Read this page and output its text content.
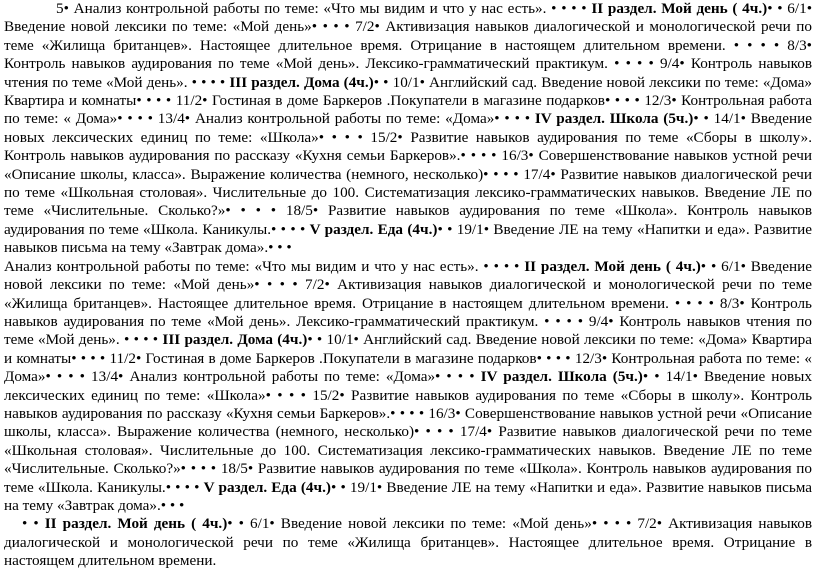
5• Анализ контрольной работы по теме: «Что мы видим и что у нас есть». • • • • II раздел. Мой день ( 4ч.)• • 6/1• Введение новой лексики по теме: «Мой день»• • • • 7/2• Активизация навыков диалогической и монологической речи по теме «Жилища британцев». Настоящее длительное время. Отрицание в настоящем длительном времени. • • • • 8/3• Контроль навыков аудирования по теме «Мой день». Лексико-грамматический практикум. • • • • 9/4• Контроль навыков чтения по теме «Мой день». • • • • III раздел. Дома (4ч.)• • 10/1• Английский сад. Введение новой лексики по теме: «Дома» Квартира и комнаты• • • • 11/2• Гостиная в доме Баркеров .Покупатели в магазине подарков• • • • 12/3• Контрольная работа по теме: « Дома»• • • • 13/4• Анализ контрольной работы по теме: «Дома»• • • • IV раздел. Школа (5ч.)• • 14/1• Введение новых лексических единиц по теме: «Школа»• • • • 15/2• Развитие навыков аудирования по теме «Сборы в школу». Контроль навыков аудирования по рассказу «Кухня семьи Баркеров».• • • • 16/3• Совершенствование навыков устной речи «Описание школы, класса». Выражение количества (немного, несколько)• • • • 17/4• Развитие навыков диалогической речи по теме «Школьная столовая». Числительные до 100. Систематизация лексико-грамматических навыков. Введение ЛЕ по теме «Числительные. Сколько?»• • • • 18/5• Развитие навыков аудирования по теме «Школа». Контроль навыков аудирования по теме «Школа. Каникулы.• • • • V раздел. Еда (4ч.)• • 19/1• Введение ЛЕ на тему «Напитки и еда». Развитие навыков письма на тему «Завтрак дома».• • •

Анализ контрольной работы по теме: «Что мы видим и что у нас есть». • • • • II раздел. Мой день ( 4ч.)• • 6/1• Введение новой лексики по теме: «Мой день»• • • • 7/2• Активизация навыков диалогической и монологической речи по теме «Жилища британцев». Настоящее длительное время. Отрицание в настоящем длительном времени. • • • • 8/3• Контроль навыков аудирования по теме «Мой день». Лексико-грамматический практикум. • • • • 9/4• Контроль навыков чтения по теме «Мой день». • • • • III раздел. Дома (4ч.)• • 10/1• Английский сад. Введение новой лексики по теме: «Дома» Квартира и комнаты• • • • 11/2• Гостиная в доме Баркеров .Покупатели в магазине подарков• • • • 12/3• Контрольная работа по теме: « Дома»• • • • 13/4• Анализ контрольной работы по теме: «Дома»• • • • IV раздел. Школа (5ч.)• • 14/1• Введение новых лексических единиц по теме: «Школа»• • • • 15/2• Развитие навыков аудирования по теме «Сборы в школу». Контроль навыков аудирования по рассказу «Кухня семьи Баркеров».• • • • 16/3• Совершенствование навыков устной речи «Описание школы, класса». Выражение количества (немного, несколько)• • • • 17/4• Развитие навыков диалогической речи по теме «Школьная столовая». Числительные до 100. Систематизация лексико-грамматических навыков. Введение ЛЕ по теме «Числительные. Сколько?»• • • • 18/5• Развитие навыков аудирования по теме «Школа». Контроль навыков аудирования по теме «Школа. Каникулы.• • • • V раздел. Еда (4ч.)• • 19/1• Введение ЛЕ на тему «Напитки и еда». Развитие навыков письма на тему «Завтрак дома».• • •

• • II раздел. Мой день ( 4ч.)• • 6/1• Введение новой лексики по теме: «Мой день»• • • • 7/2• Активизация навыков диалогической и монологической речи по теме «Жилища британцев». Настоящее длительное время. Отрицание в настоящем длительном времени.
